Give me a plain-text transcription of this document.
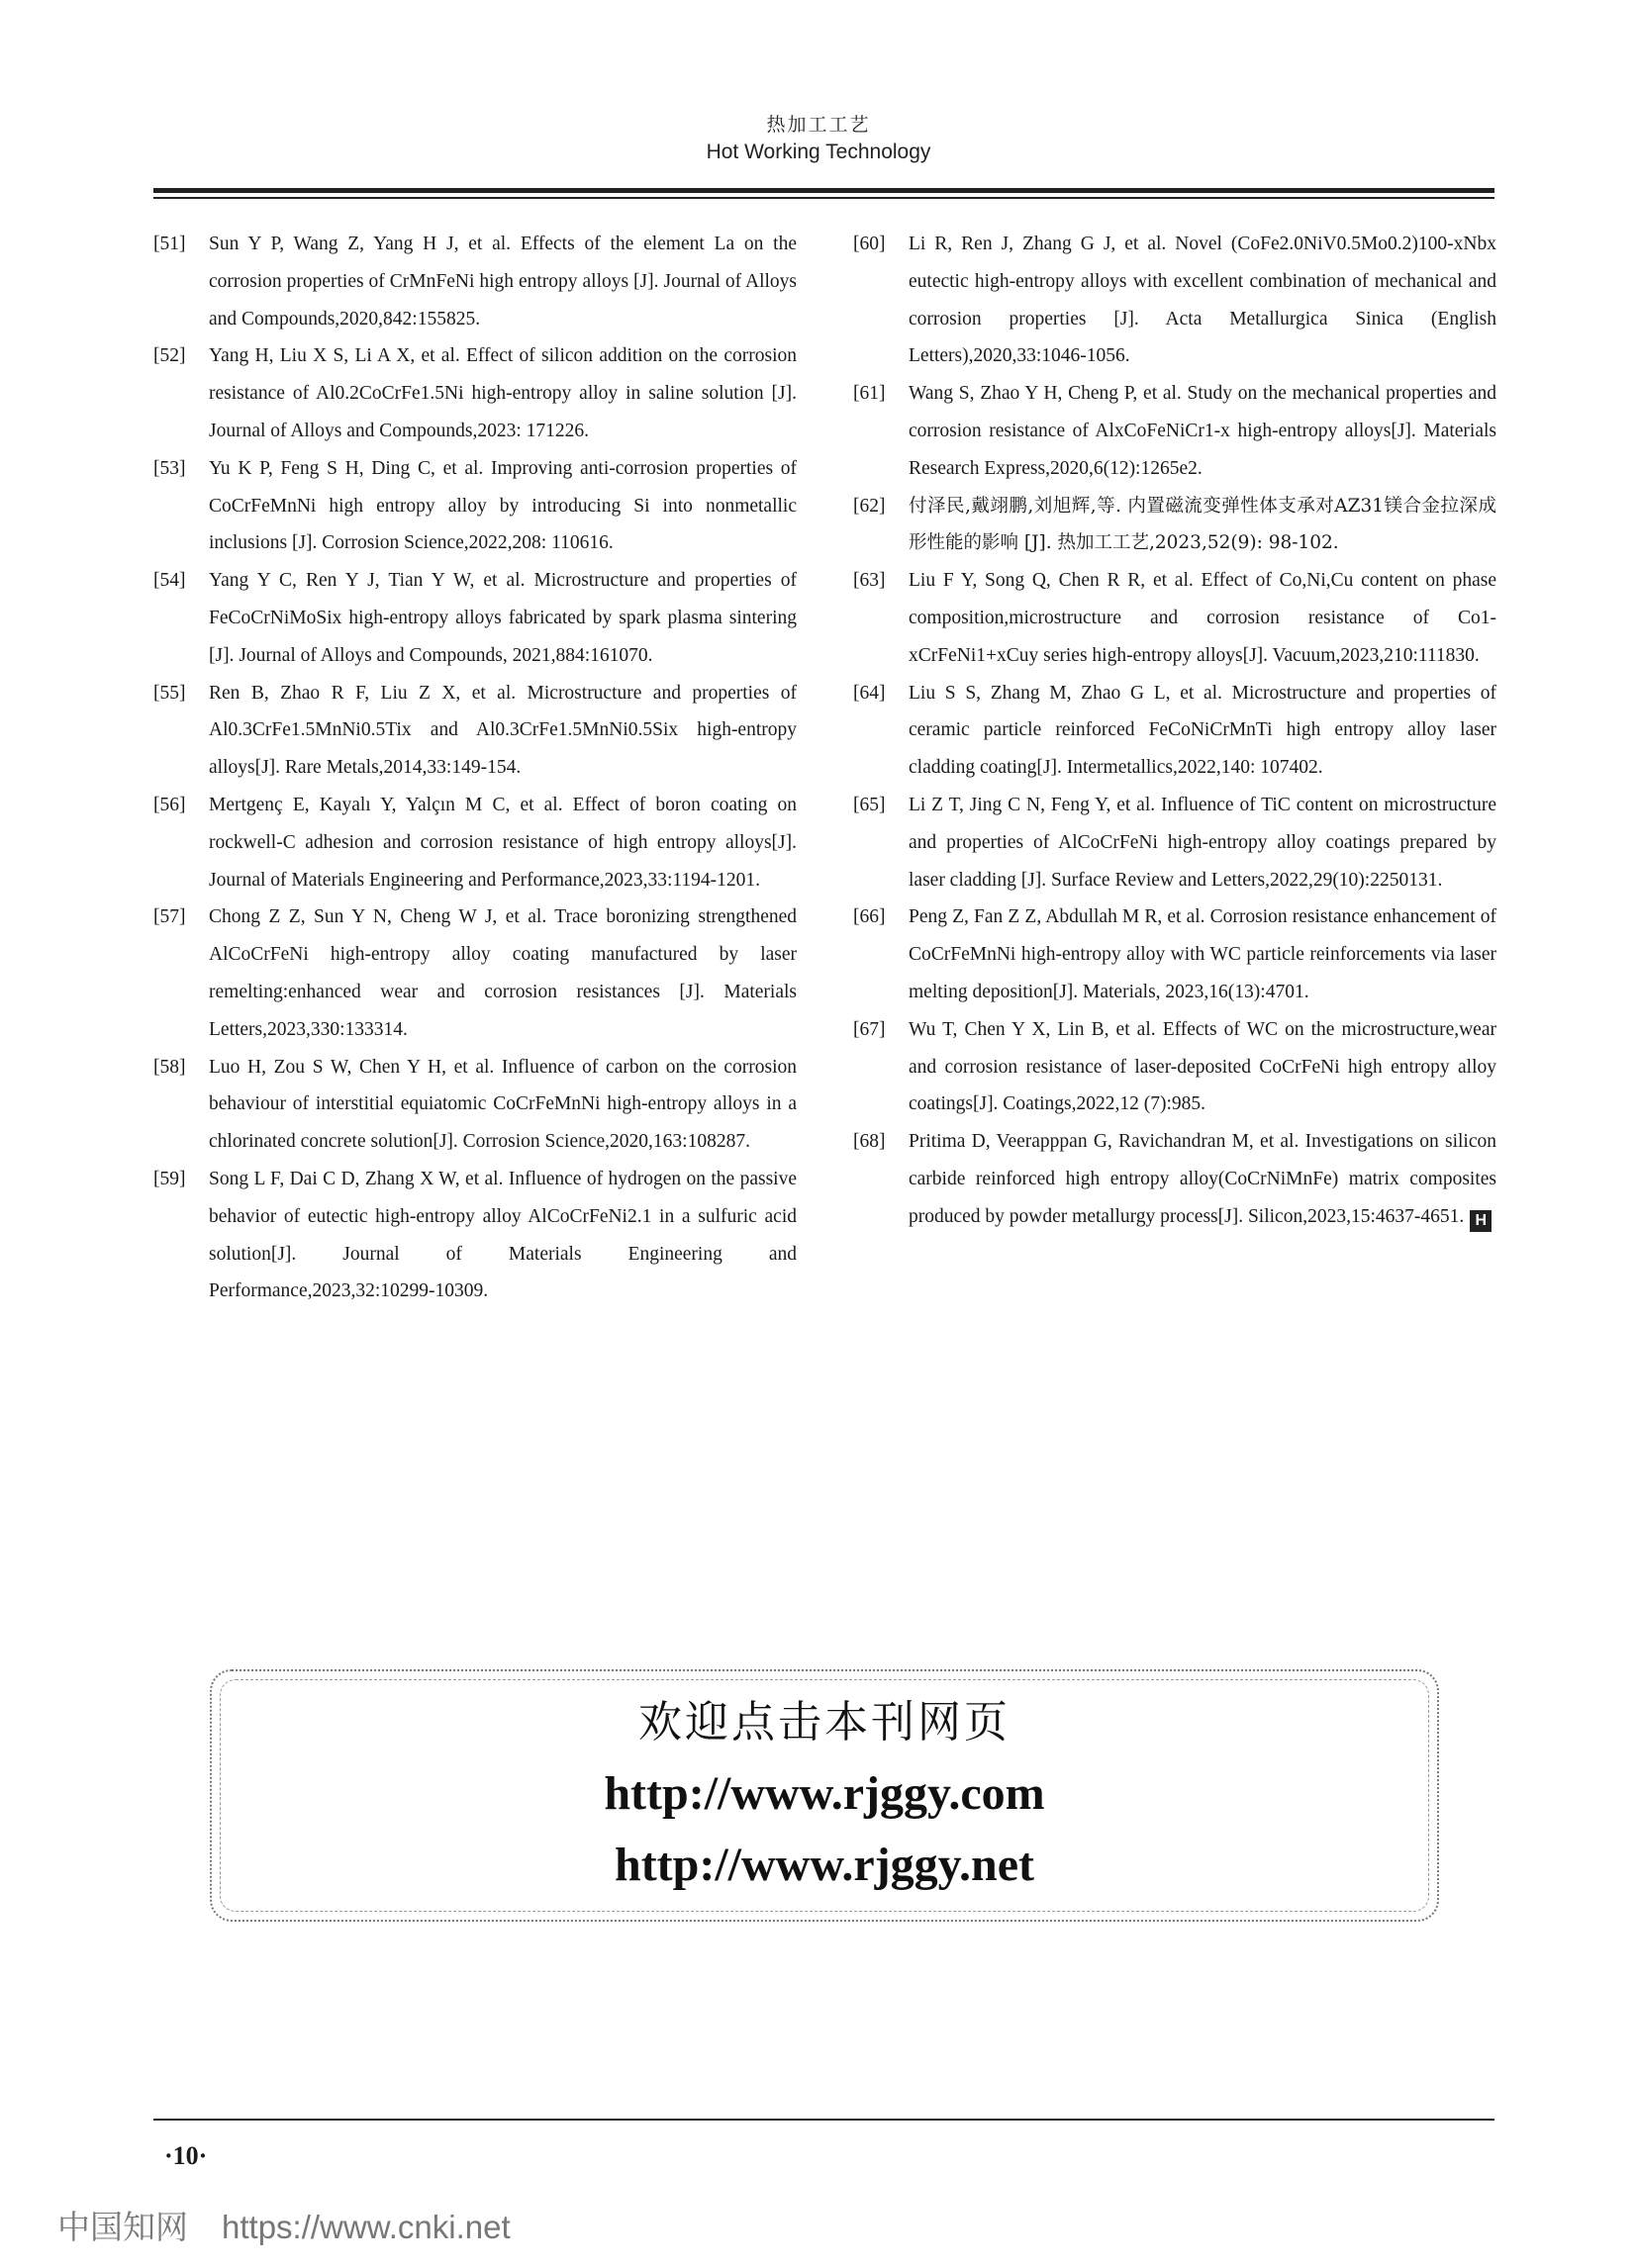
热加工工艺
Hot Working Technology
[51] Sun Y P, Wang Z, Yang H J, et al. Effects of the element La on the corrosion properties of CrMnFeNi high entropy alloys [J]. Journal of Alloys and Compounds,2020,842:155825.
[52] Yang H, Liu X S, Li A X, et al. Effect of silicon addition on the corrosion resistance of Al0.2CoCrFe1.5Ni high-entropy alloy in saline solution [J]. Journal of Alloys and Compounds,2023: 171226.
[53] Yu K P, Feng S H, Ding C, et al. Improving anti-corrosion properties of CoCrFeMnNi high entropy alloy by introducing Si into nonmetallic inclusions [J]. Corrosion Science,2022,208: 110616.
[54] Yang Y C, Ren Y J, Tian Y W, et al. Microstructure and properties of FeCoCrNiMoSix high-entropy alloys fabricated by spark plasma sintering [J]. Journal of Alloys and Compounds, 2021,884:161070.
[55] Ren B, Zhao R F, Liu Z X, et al. Microstructure and properties of Al0.3CrFe1.5MnNi0.5Tix and Al0.3CrFe1.5MnNi0.5Six high-entropy alloys[J]. Rare Metals,2014,33:149-154.
[56] Mertgenç E, Kayalı Y, Yalçın M C, et al. Effect of boron coating on rockwell-C adhesion and corrosion resistance of high entropy alloys[J]. Journal of Materials Engineering and Performance,2023,33:1194-1201.
[57] Chong Z Z, Sun Y N, Cheng W J, et al. Trace boronizing strengthened AlCoCrFeNi high-entropy alloy coating manufactured by laser remelting:enhanced wear and corrosion resistances [J]. Materials Letters,2023,330:133314.
[58] Luo H, Zou S W, Chen Y H, et al. Influence of carbon on the corrosion behaviour of interstitial equiatomic CoCrFeMnNi high-entropy alloys in a chlorinated concrete solution[J]. Corrosion Science,2020,163:108287.
[59] Song L F, Dai C D, Zhang X W, et al. Influence of hydrogen on the passive behavior of eutectic high-entropy alloy AlCoCrFeNi2.1 in a sulfuric acid solution[J]. Journal of Materials Engineering and Performance,2023,32:10299-10309.
[60] Li R, Ren J, Zhang G J, et al. Novel (CoFe2.0NiV0.5Mo0.2)100-xNbx eutectic high-entropy alloys with excellent combination of mechanical and corrosion properties [J]. Acta Metallurgica Sinica (English Letters),2020,33:1046-1056.
[61] Wang S, Zhao Y H, Cheng P, et al. Study on the mechanical properties and corrosion resistance of AlxCoFeNiCr1-x high-entropy alloys[J]. Materials Research Express,2020,6(12):1265e2.
[62] 付泽民,戴翊鹏,刘旭辉,等. 内置磁流变弹性体支承对AZ31镁合金拉深成形性能的影响 [J]. 热加工工艺,2023,52(9): 98-102.
[63] Liu F Y, Song Q, Chen R R, et al. Effect of Co,Ni,Cu content on phase composition,microstructure and corrosion resistance of Co1-xCrFeNi1+xCuy series high-entropy alloys[J]. Vacuum,2023,210:111830.
[64] Liu S S, Zhang M, Zhao G L, et al. Microstructure and properties of ceramic particle reinforced FeCoNiCrMnTi high entropy alloy laser cladding coating[J]. Intermetallics,2022,140: 107402.
[65] Li Z T, Jing C N, Feng Y, et al. Influence of TiC content on microstructure and properties of AlCoCrFeNi high-entropy alloy coatings prepared by laser cladding [J]. Surface Review and Letters,2022,29(10):2250131.
[66] Peng Z, Fan Z Z, Abdullah M R, et al. Corrosion resistance enhancement of CoCrFeMnNi high-entropy alloy with WC particle reinforcements via laser melting deposition[J]. Materials, 2023,16(13):4701.
[67] Wu T, Chen Y X, Lin B, et al. Effects of WC on the microstructure,wear and corrosion resistance of laser-deposited CoCrFeNi high entropy alloy coatings[J]. Coatings,2022,12 (7):985.
[68] Pritima D, Veerapppan G, Ravichandran M, et al. Investigations on silicon carbide reinforced high entropy alloy(CoCrNiMnFe) matrix composites produced by powder metallurgy process[J]. Silicon,2023,15:4637-4651. H
欢迎点击本刊网页
http://www.rjggy.com
http://www.rjggy.net
·10·
中国知网 https://www.cnki.net
